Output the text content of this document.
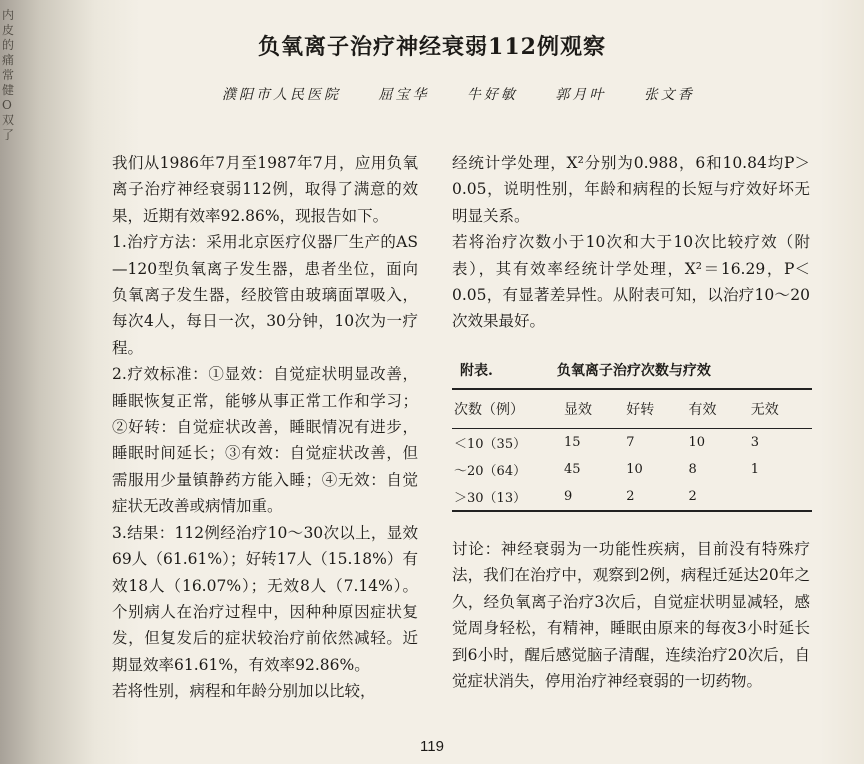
内
皮
的
痛
常
健
O
双
了
负氧离子治疗神经衰弱112例观察
濮阳市人民医院	屈宝华	牛好敏	郭月叶	张文香

我们从1986年7月至1987年7月，应用负氧离子治疗神经衰弱112例，取得了满意的效果，近期有效率92.86%，现报告如下。

1.治疗方法：采用北京医疗仪器厂生产的AS—120型负氧离子发生器，患者坐位，面向负氧离子发生器，经胶管由玻璃面罩吸入，每次4人，每日一次，30分钟，10次为一疗程。

2.疗效标准：①显效：自觉症状明显改善，睡眠恢复正常，能够从事正常工作和学习；②好转：自觉症状改善，睡眠情况有进步，睡眠时间延长；③有效：自觉症状改善，但需服用少量镇静药方能入睡；④无效：自觉症状无改善或病情加重。

3.结果：112例经治疗10～30次以上，显效69人（61.61%）；好转17人（15.18%）有效18人（16.07%）；无效8人（7.14%）。个别病人在治疗过程中，因种种原因症状复发，但复发后的症状较治疗前依然减轻。近期显效率61.61%，有效率92.86%。

若将性别，病程和年龄分别加以比较，

经统计学处理，X²分别为0.988，6和10.84均P＞0.05，说明性别，年龄和病程的长短与疗效好坏无明显关系。

若将治疗次数小于10次和大于10次比较疗效（附表），其有效率经统计学处理，X²＝16.29，P＜0.05，有显著差异性。从附表可知，以治疗10～20次效果最好。

附表.	负氧离子治疗次数与疗效
次数（例）	显效	好转	有效	无效
＜10（35）	15	7	10	3
～20（64）	45	10	8	1
＞30（13）	9	2	2	

讨论：神经衰弱为一功能性疾病，目前没有特殊疗法，我们在治疗中，观察到2例，病程迁延达20年之久，经负氧离子治疗3次后，自觉症状明显减轻，感觉周身轻松，有精神，睡眠由原来的每夜3小时延长到6小时，醒后感觉脑子清醒，连续治疗20次后，自觉症状消失，停用治疗神经衰弱的一切药物。

119
